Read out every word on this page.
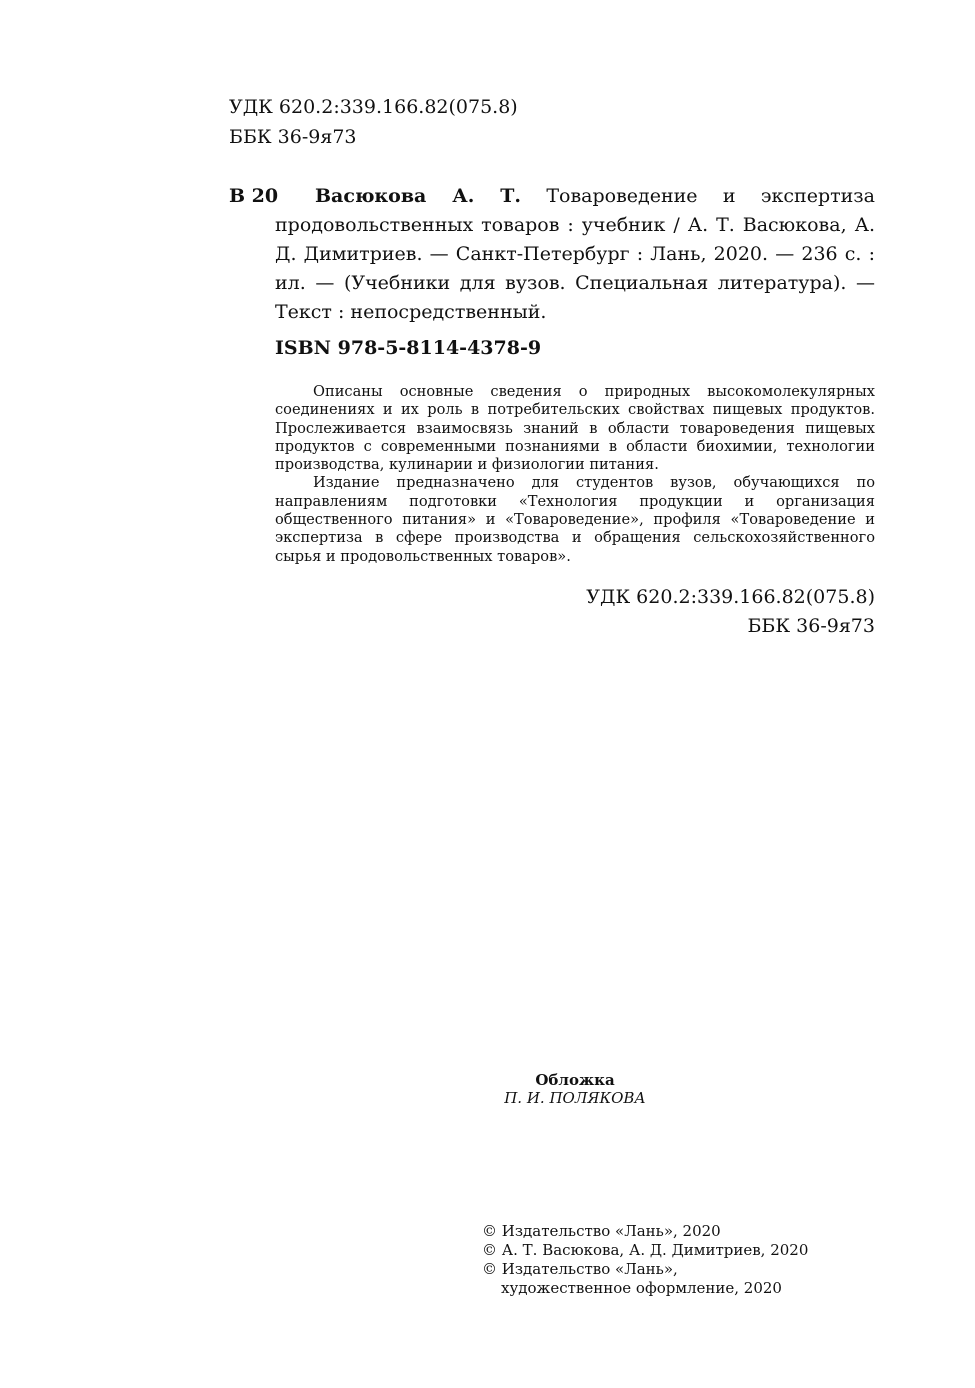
УДК 620.2:339.166.82(075.8)
ББК 36-9я73
В 20	Васюкова А. Т. Товароведение и экспертиза продовольственных товаров : учебник / А. Т. Васюкова, А. Д. Димитриев. — Санкт-Петербург : Лань, 2020. — 236 с. : ил. — (Учебники для вузов. Специальная литература). — Текст : непосредственный.
ISBN 978-5-8114-4378-9

Описаны основные сведения о природных высокомолекулярных соединениях и их роль в потребительских свойствах пищевых продуктов. Прослеживается взаимосвязь знаний в области товароведения пищевых продуктов с современными познаниями в области биохимии, технологии производства, кулинарии и физиологии питания.

Издание предназначено для студентов вузов, обучающихся по направлениям подготовки «Технология продукции и организация общественного питания» и «Товароведение», профиля «Товароведение и экспертиза в сфере производства и обращения сельскохозяйственного сырья и продовольственных товаров».

УДК 620.2:339.166.82(075.8)
ББК 36-9я73
Обложка
П. И. ПОЛЯКОВА
© Издательство «Лань», 2020
© А. Т. Васюкова, А. Д. Димитриев, 2020
© Издательство «Лань»,
художественное оформление, 2020
